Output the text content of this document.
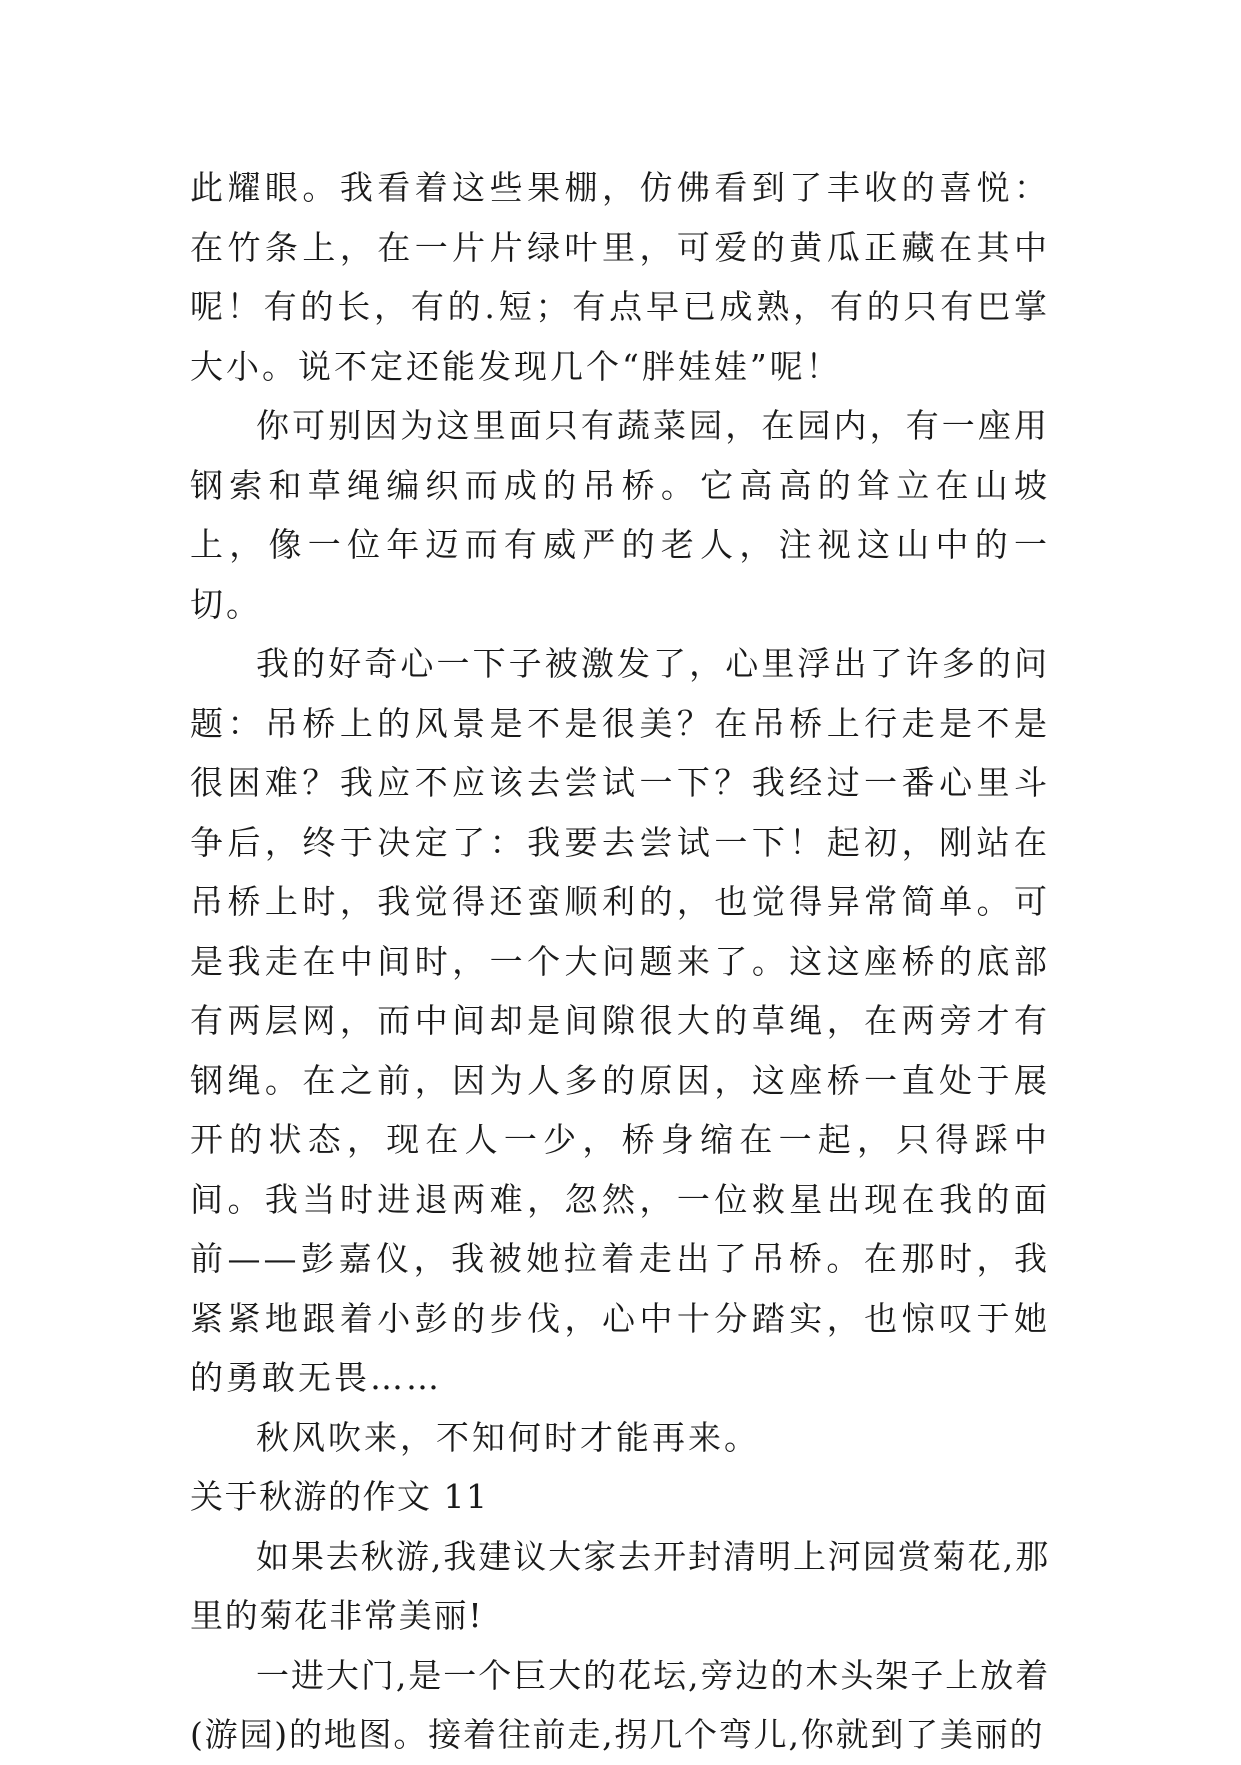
此耀眼。我看着这些果棚，仿佛看到了丰收的喜悦：在竹条上，在一片片绿叶里，可爱的黄瓜正藏在其中呢！有的长，有的.短；有点早已成熟，有的只有巴掌大小。说不定还能发现几个“胖娃娃”呢！

你可别因为这里面只有蔬菜园，在园内，有一座用钢索和草绳编织而成的吊桥。它高高的耸立在山坡上，像一位年迈而有威严的老人，注视这山中的一切。

我的好奇心一下子被激发了，心里浮出了许多的问题：吊桥上的风景是不是很美？在吊桥上行走是不是很困难？我应不应该去尝试一下？我经过一番心里斗争后，终于决定了：我要去尝试一下！起初，刚站在吊桥上时，我觉得还蛮顺利的，也觉得异常简单。可是我走在中间时，一个大问题来了。这这座桥的底部有两层网，而中间却是间隙很大的草绳，在两旁才有钢绳。在之前，因为人多的原因，这座桥一直处于展开的状态，现在人一少，桥身缩在一起，只得踩中间。我当时进退两难，忽然，一位救星出现在我的面前——彭嘉仪，我被她拉着走出了吊桥。在那时，我紧紧地跟着小彭的步伐，心中十分踏实，也惊叹于她的勇敢无畏……

秋风吹来，不知何时才能再来。

关于秋游的作文 11

如果去秋游,我建议大家去开封清明上河园赏菊花,那里的菊花非常美丽!

一进大门,是一个巨大的花坛,旁边的木头架子上放着(游园)的地图。接着往前走,拐几个弯儿,你就到了美丽的
